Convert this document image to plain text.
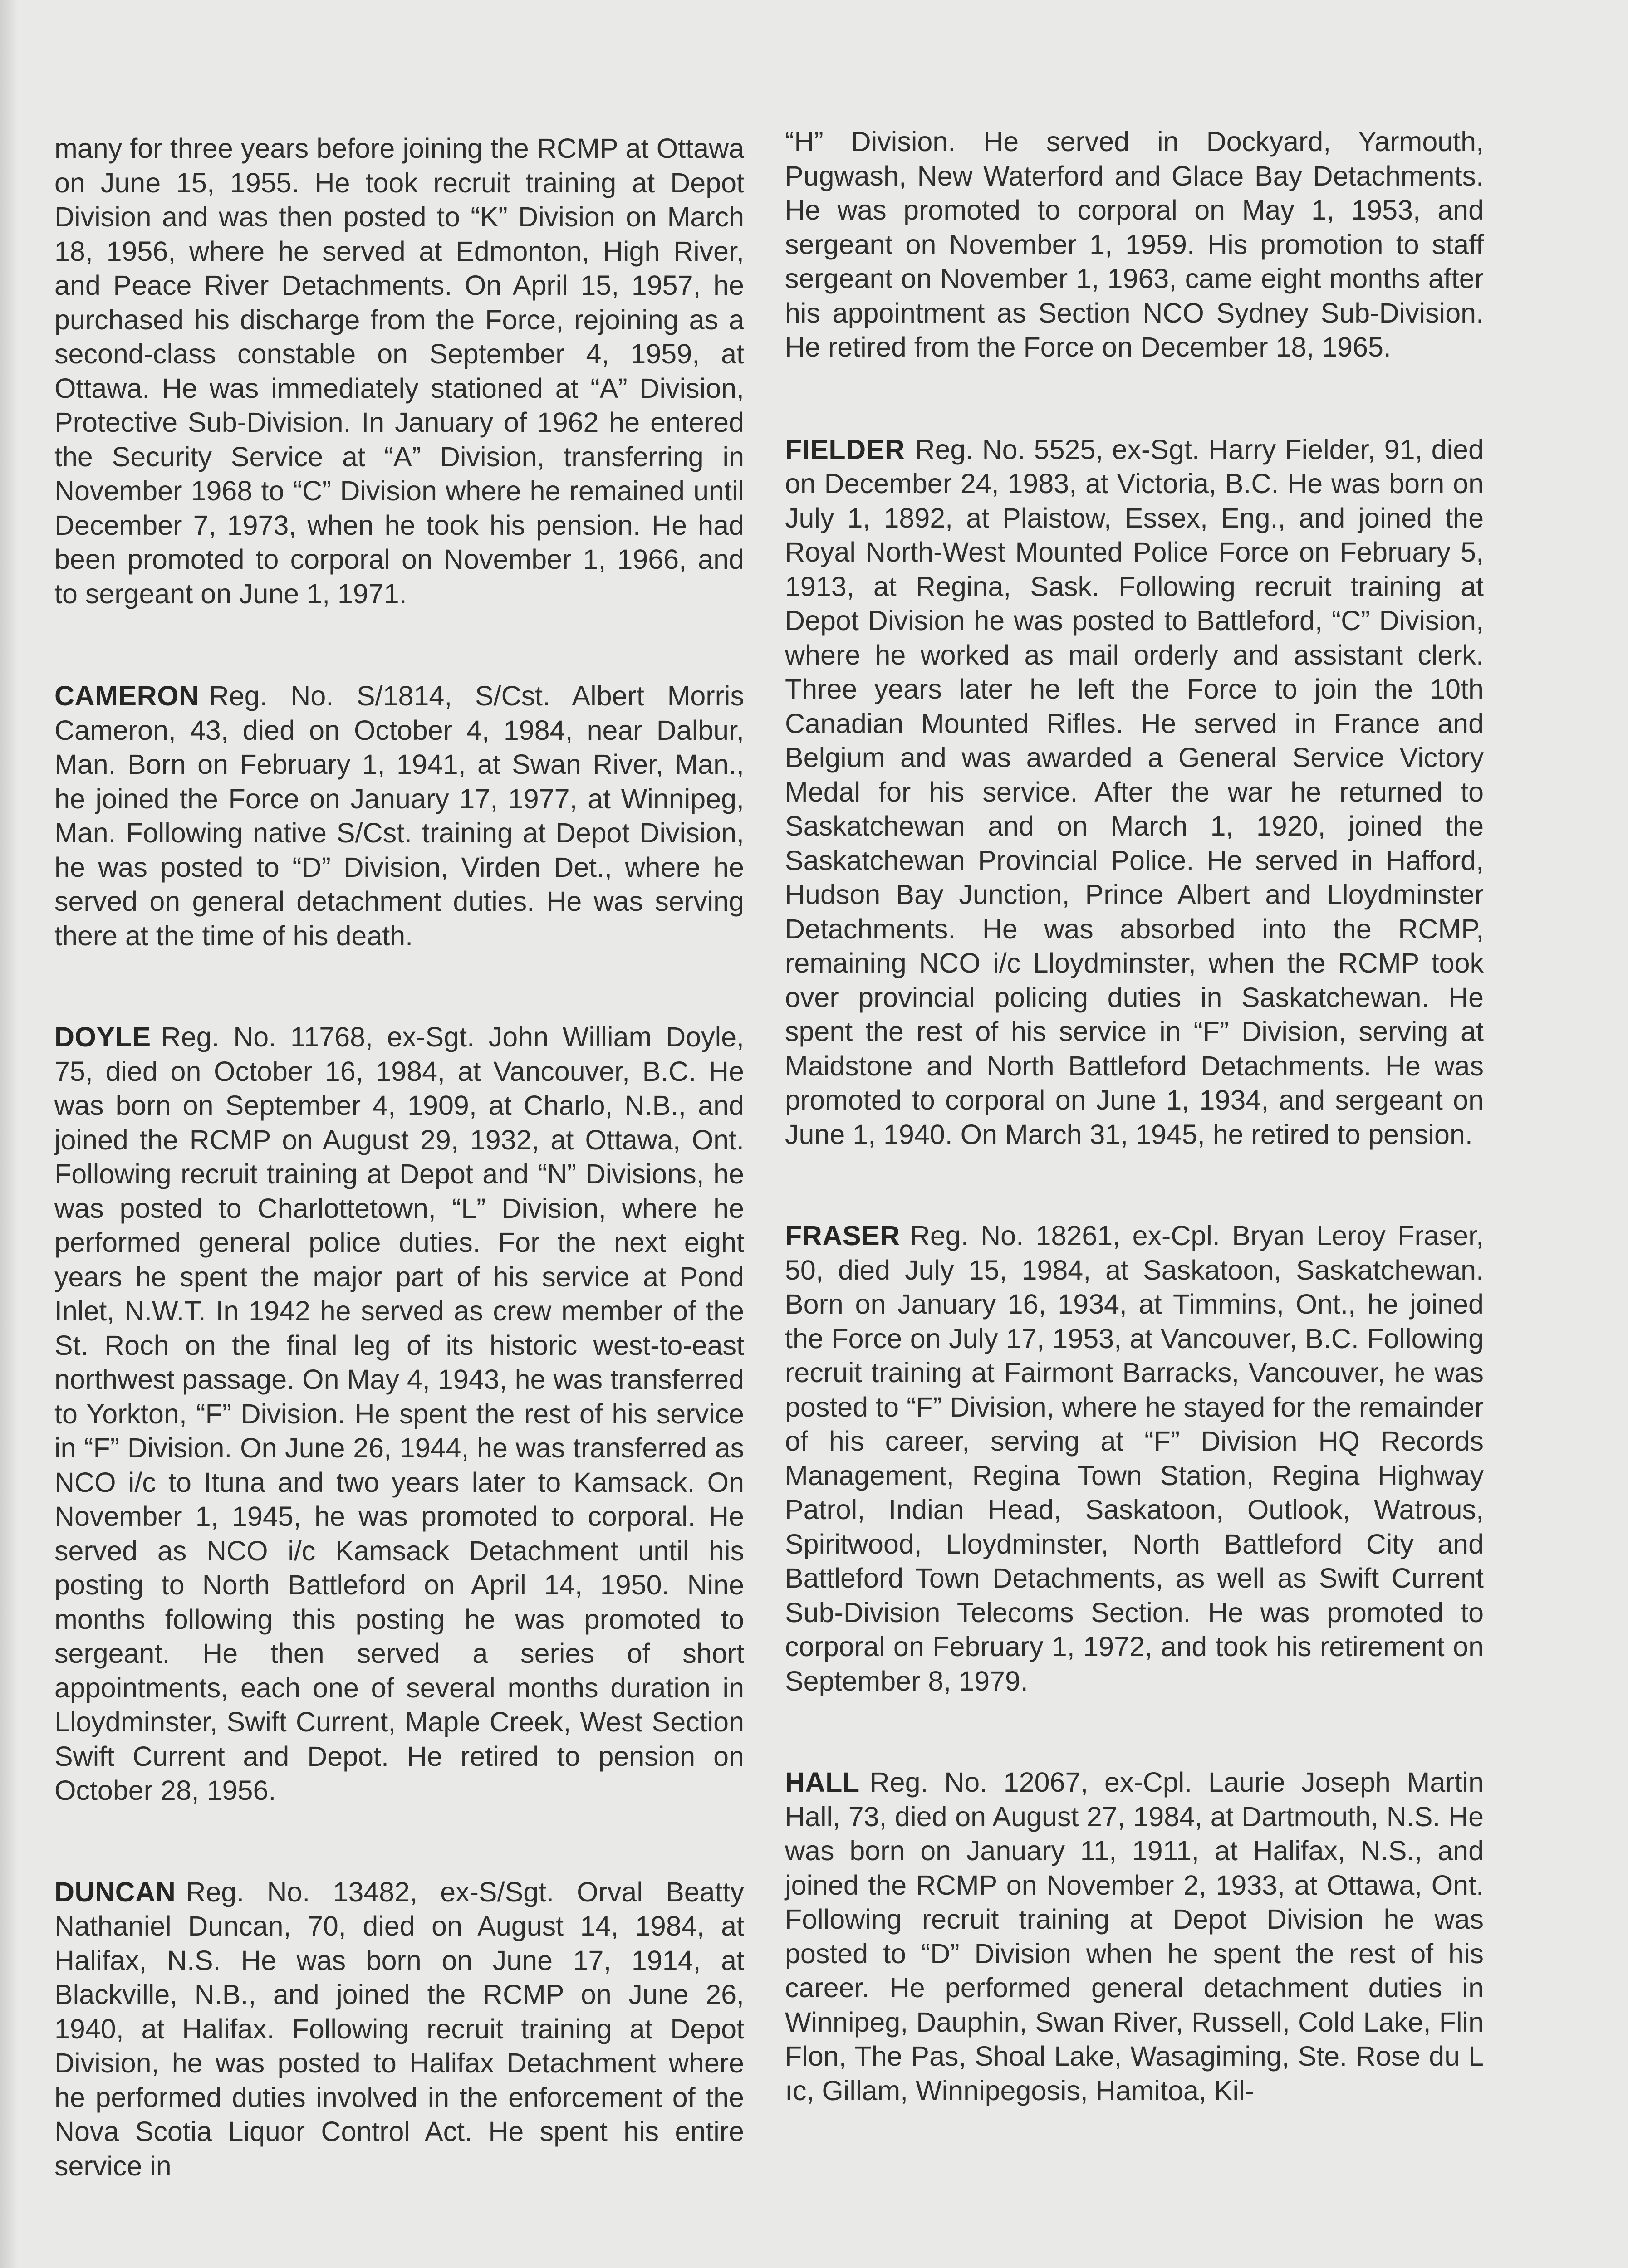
many for three years before joining the RCMP at Ottawa on June 15, 1955. He took recruit training at Depot Division and was then posted to “K” Division on March 18, 1956, where he served at Edmonton, High River, and Peace River Detachments. On April 15, 1957, he purchased his discharge from the Force, rejoining as a second-class constable on September 4, 1959, at Ottawa. He was immediately stationed at “A” Division, Protective Sub-Division. In January of 1962 he entered the Security Service at “A” Division, transferring in November 1968 to “C” Division where he remained until December 7, 1973, when he took his pension. He had been promoted to corporal on November 1, 1966, and to sergeant on June 1, 1971.

CAMERON Reg. No. S/1814, S/Cst. Albert Morris Cameron, 43, died on October 4, 1984, near Dalbur, Man. Born on February 1, 1941, at Swan River, Man., he joined the Force on January 17, 1977, at Winnipeg, Man. Following native S/Cst. training at Depot Division, he was posted to “D” Division, Virden Det., where he served on general detachment duties. He was serving there at the time of his death.

DOYLE Reg. No. 11768, ex-Sgt. John William Doyle, 75, died on October 16, 1984, at Vancouver, B.C. He was born on September 4, 1909, at Charlo, N.B., and joined the RCMP on August 29, 1932, at Ottawa, Ont. Following recruit training at Depot and “N” Divisions, he was posted to Charlottetown, “L” Division, where he performed general police duties. For the next eight years he spent the major part of his service at Pond Inlet, N.W.T. In 1942 he served as crew member of the St. Roch on the final leg of its historic west-to-east northwest passage. On May 4, 1943, he was transferred to Yorkton, “F” Division. He spent the rest of his service in “F” Division. On June 26, 1944, he was transferred as NCO i/c to Ituna and two years later to Kamsack. On November 1, 1945, he was promoted to corporal. He served as NCO i/c Kamsack Detachment until his posting to North Battleford on April 14, 1950. Nine months following this posting he was promoted to sergeant. He then served a series of short appointments, each one of several months duration in Lloydminster, Swift Current, Maple Creek, West Section Swift Current and Depot. He retired to pension on October 28, 1956.

DUNCAN Reg. No. 13482, ex-S/Sgt. Orval Beatty Nathaniel Duncan, 70, died on August 14, 1984, at Halifax, N.S. He was born on June 17, 1914, at Blackville, N.B., and joined the RCMP on June 26, 1940, at Halifax. Following recruit training at Depot Division, he was posted to Halifax Detachment where he performed duties involved in the enforcement of the Nova Scotia Liquor Control Act. He spent his entire service in

“H” Division. He served in Dockyard, Yarmouth, Pugwash, New Waterford and Glace Bay Detachments. He was promoted to corporal on May 1, 1953, and sergeant on November 1, 1959. His promotion to staff sergeant on November 1, 1963, came eight months after his appointment as Section NCO Sydney Sub-Division. He retired from the Force on December 18, 1965.

FIELDER Reg. No. 5525, ex-Sgt. Harry Fielder, 91, died on December 24, 1983, at Victoria, B.C. He was born on July 1, 1892, at Plaistow, Essex, Eng., and joined the Royal North-West Mounted Police Force on February 5, 1913, at Regina, Sask. Following recruit training at Depot Division he was posted to Battleford, “C” Division, where he worked as mail orderly and assistant clerk. Three years later he left the Force to join the 10th Canadian Mounted Rifles. He served in France and Belgium and was awarded a General Service Victory Medal for his service. After the war he returned to Saskatchewan and on March 1, 1920, joined the Saskatchewan Provincial Police. He served in Hafford, Hudson Bay Junction, Prince Albert and Lloydminster Detachments. He was absorbed into the RCMP, remaining NCO i/c Lloydminster, when the RCMP took over provincial policing duties in Saskatchewan. He spent the rest of his service in “F” Division, serving at Maidstone and North Battleford Detachments. He was promoted to corporal on June 1, 1934, and sergeant on June 1, 1940. On March 31, 1945, he retired to pension.

FRASER Reg. No. 18261, ex-Cpl. Bryan Leroy Fraser, 50, died July 15, 1984, at Saskatoon, Saskatchewan. Born on January 16, 1934, at Timmins, Ont., he joined the Force on July 17, 1953, at Vancouver, B.C. Following recruit training at Fairmont Barracks, Vancouver, he was posted to “F” Division, where he stayed for the remainder of his career, serving at “F” Division HQ Records Management, Regina Town Station, Regina Highway Patrol, Indian Head, Saskatoon, Outlook, Watrous, Spiritwood, Lloydminster, North Battleford City and Battleford Town Detachments, as well as Swift Current Sub-Division Telecoms Section. He was promoted to corporal on February 1, 1972, and took his retirement on September 8, 1979.

HALL Reg. No. 12067, ex-Cpl. Laurie Joseph Martin Hall, 73, died on August 27, 1984, at Dartmouth, N.S. He was born on January 11, 1911, at Halifax, N.S., and joined the RCMP on November 2, 1933, at Ottawa, Ont. Following recruit training at Depot Division he was posted to “D” Division when he spent the rest of his career. He performed general detachment duties in Winnipeg, Dauphin, Swan River, Russell, Cold Lake, Flin Flon, The Pas, Shoal Lake, Wasagiming, Ste. Rose du L ıc, Gillam, Winnipegosis, Hamitoa, Kil-
